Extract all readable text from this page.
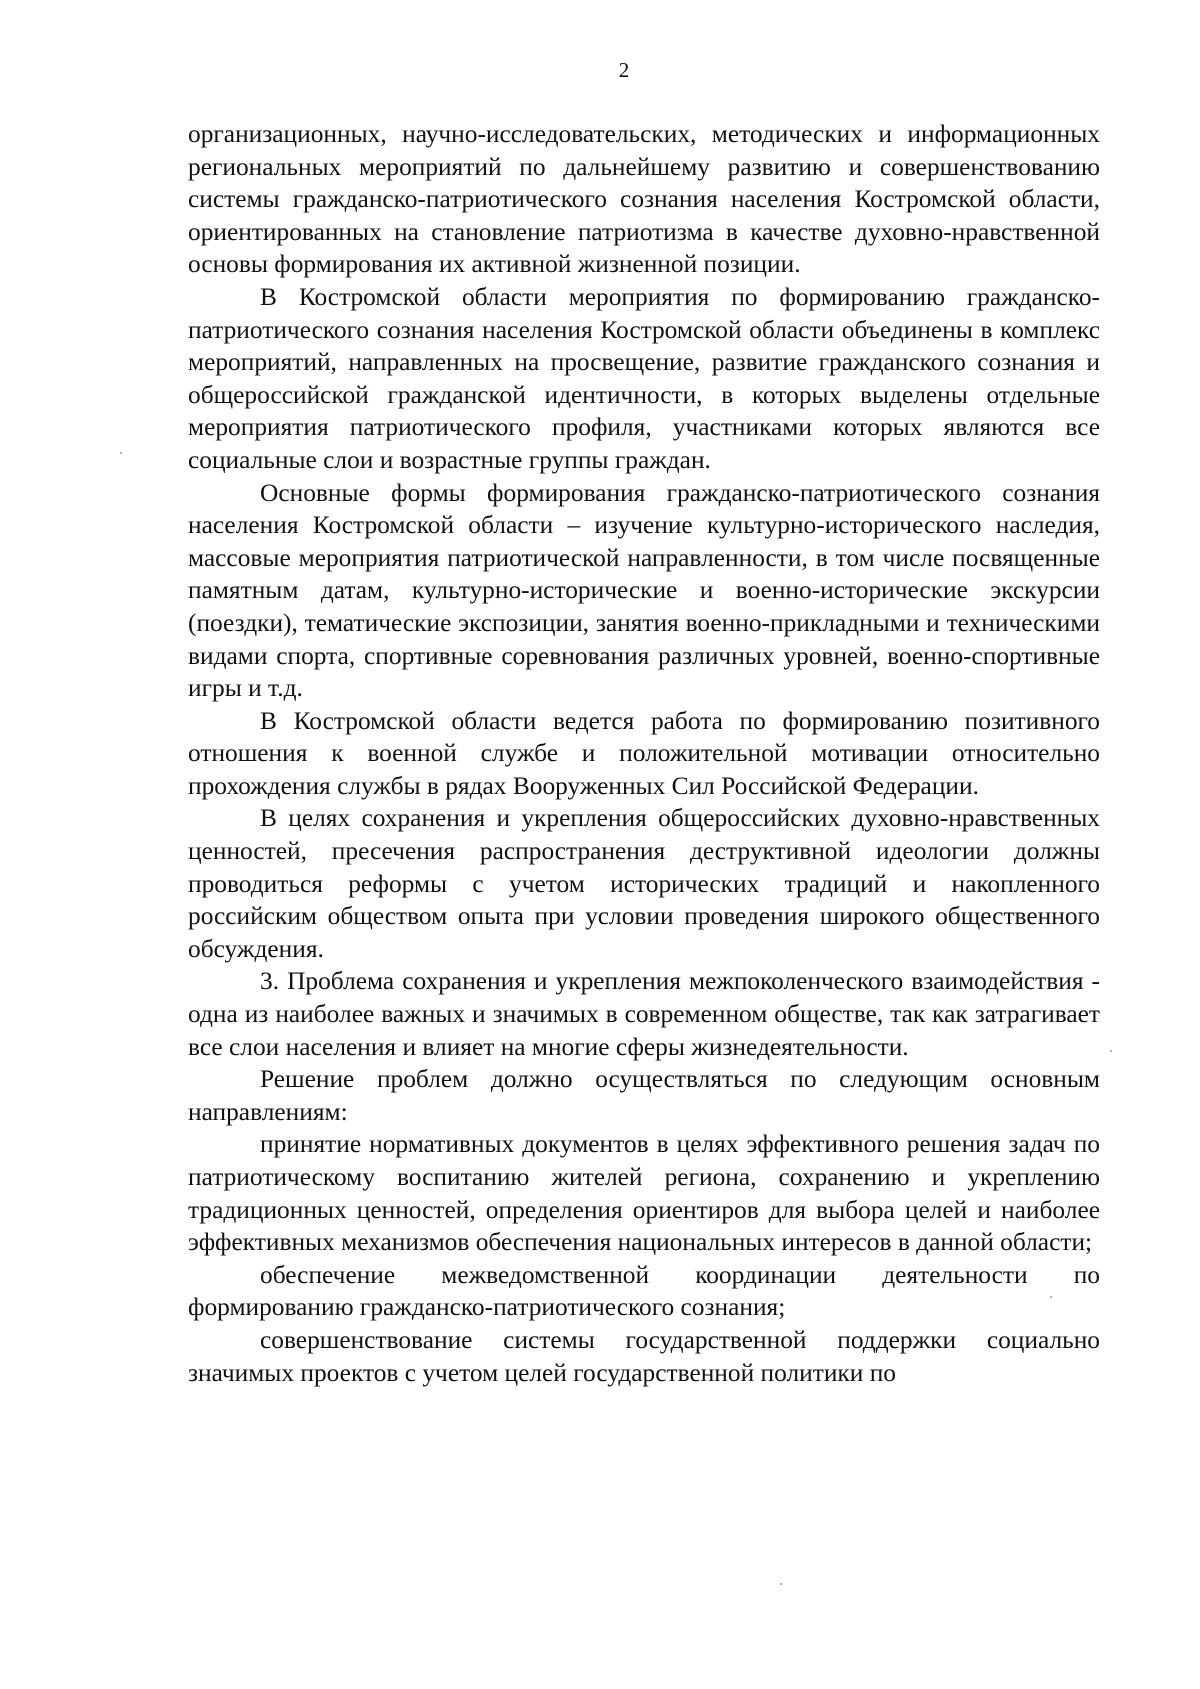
2

организационных, научно-исследовательских, методических и информационных региональных мероприятий по дальнейшему развитию и совершенствованию системы гражданско-патриотического сознания населения Костромской области, ориентированных на становление патриотизма в качестве духовно-нравственной основы формирования их активной жизненной позиции.

В Костромской области мероприятия по формированию гражданско-патриотического сознания населения Костромской области объединены в комплекс мероприятий, направленных на просвещение, развитие гражданского сознания и общероссийской гражданской идентичности, в которых выделены отдельные мероприятия патриотического профиля, участниками которых являются все социальные слои и возрастные группы граждан.

Основные формы формирования гражданско-патриотического сознания населения Костромской области – изучение культурно-исторического наследия, массовые мероприятия патриотической направленности, в том числе посвященные памятным датам, культурно-исторические и военно-исторические экскурсии (поездки), тематические экспозиции, занятия военно-прикладными и техническими видами спорта, спортивные соревнования различных уровней, военно-спортивные игры и т.д.

В Костромской области ведется работа по формированию позитивного отношения к военной службе и положительной мотивации относительно прохождения службы в рядах Вооруженных Сил Российской Федерации.

В целях сохранения и укрепления общероссийских духовно-нравственных ценностей, пресечения распространения деструктивной идеологии должны проводиться реформы с учетом исторических традиций и накопленного российским обществом опыта при условии проведения широкого общественного обсуждения.

3. Проблема сохранения и укрепления межпоколенческого взаимодействия - одна из наиболее важных и значимых в современном обществе, так как затрагивает все слои населения и влияет на многие сферы жизнедеятельности.

Решение проблем должно осуществляться по следующим основным направлениям:

принятие нормативных документов в целях эффективного решения задач по патриотическому воспитанию жителей региона, сохранению и укреплению традиционных ценностей, определения ориентиров для выбора целей и наиболее эффективных механизмов обеспечения национальных интересов в данной области;

обеспечение межведомственной координации деятельности по формированию гражданско-патриотического сознания;

совершенствование системы государственной поддержки социально значимых проектов с учетом целей государственной политики по
